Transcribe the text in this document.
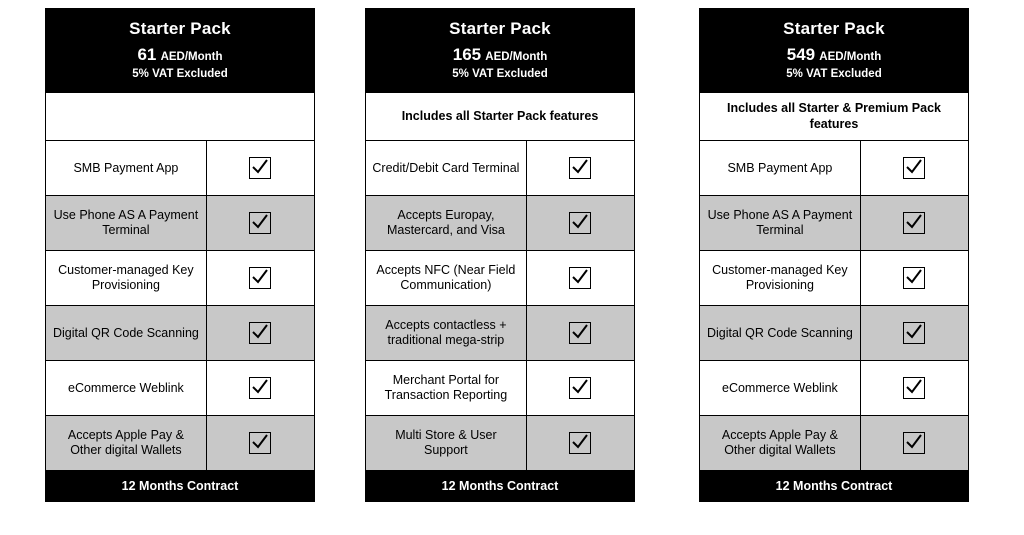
Starter Pack
61 AED/Month
5% VAT Excluded
SMB Payment App
Use Phone AS A Payment Terminal
Customer-managed Key Provisioning
Digital QR Code Scanning
eCommerce Weblink
Accepts Apple Pay & Other digital Wallets
12 Months Contract
Starter Pack
165 AED/Month
5% VAT Excluded
Includes all Starter Pack features
Credit/Debit Card Terminal
Accepts Europay, Mastercard, and Visa
Accepts NFC (Near Field Communication)
Accepts contactless + traditional mega-strip
Merchant Portal for Transaction Reporting
Multi Store & User Support
12 Months Contract
Starter Pack
549 AED/Month
5% VAT Excluded
Includes all Starter & Premium Pack features
SMB Payment App
Use Phone AS A Payment Terminal
Customer-managed Key Provisioning
Digital QR Code Scanning
eCommerce Weblink
Accepts Apple Pay & Other digital Wallets
12 Months Contract
